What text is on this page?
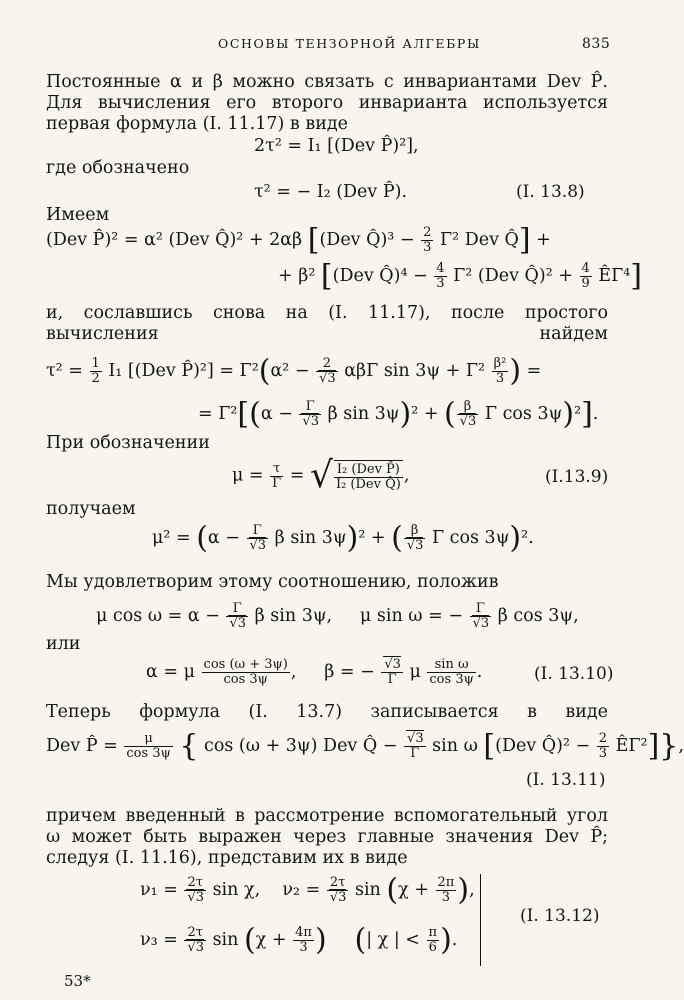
ОСНОВЫ ТЕНЗОРНОЙ АЛГЕБРЫ	835
Постоянные α и β можно связать с инвариантами Dev P̂. Для вычисления его второго инварианта используется первая формула (I. 11.17) в виде
2τ² = I₁ [(Dev P̂)²],
где обозначено
τ² = − I₂ (Dev P̂).	(I. 13.8)
Имеем
(Dev P̂)² = α² (Dev Q̂)² + 2αβ [(Dev Q̂)³ − $\frac{2}{3} \Gamma^2$ Dev Q̂] +
+ β² [(Dev Q̂)⁴ − $\frac{4}{3} \Gamma^2$ (Dev Q̂)² + $\frac{4}{9}$ ÊΓ⁴]
и, сославшись снова на (I. 11.17), после простого вычисления найдем
$\tau^2 = \frac{1}{2} I_1$ [(Dev P̂)²] = $\Gamma^2(\alpha^2 - \frac{2}{√3}$ αβΓ $\sin 3\psi + \Gamma^2 \frac{\text{β²}}{3}$ ) =
= $\Gamma^2[(\alpha - \frac{\Gamma}{√3}$ β sin 3ψ)² + ( $\frac{\beta}{√3}$ Γ cos 3ψ)²].
При обозначении
$\mu = \frac{\tau}{\Gamma}$ = √ $\frac{\text{I₂ (Dev P̂)}}{\text{I₂ (Dev Q̂)}}$ ,	(I.13.9)
получаем
$\mu^2 = (\alpha - \frac{\Gamma}{√3}$ β sin 3ψ)² + ( $\frac{\beta}{√3}$ Γ cos 3ψ)².
Мы удовлетворим этому соотношению, положив
μ $\cos \omega = \alpha - \frac{\Gamma}{√3}$ β sin 3ψ,     μ sin ω = − $\frac{\Gamma}{√3}$ β cos 3ψ,
или
α = μ $\frac{\cos (\omega + 3\psi)}{\cos 3\psi}$ ,     β = − $\frac{√3}{\Gamma}$ μ $\frac{\text{sin ω}}{\cos 3\psi}$ .	(I. 13.10)
Теперь формула (I. 13.7) записывается в виде
Dev P̂ = $\frac{\mu}{\cos 3\psi}$ { cos (ω + 3ψ) Dev Q̂ − $\frac{√3}{\Gamma}$ sin ω [(Dev Q̂)² − $\frac{2}{3}$ ÊΓ²]},
(I. 13.11)
причем введенный в рассмотрение вспомогательный угол ω может быть выражен через главные значения Dev P̂; следуя (I. 11.16), представим их в виде
$\nu_1 = \frac{2\tau}{√3}$ sin χ,    $\nu_2 = \frac{2\tau}{√3}$ $\sin (\chi + \frac{2\pi}{3}$ ),
$\nu_3 = \frac{2\tau}{√3}$ $\sin (\chi + \frac{4\pi}{3}$ ) (| χ | < $\frac{\pi}{6}$ ).
(I. 13.12)
53*
